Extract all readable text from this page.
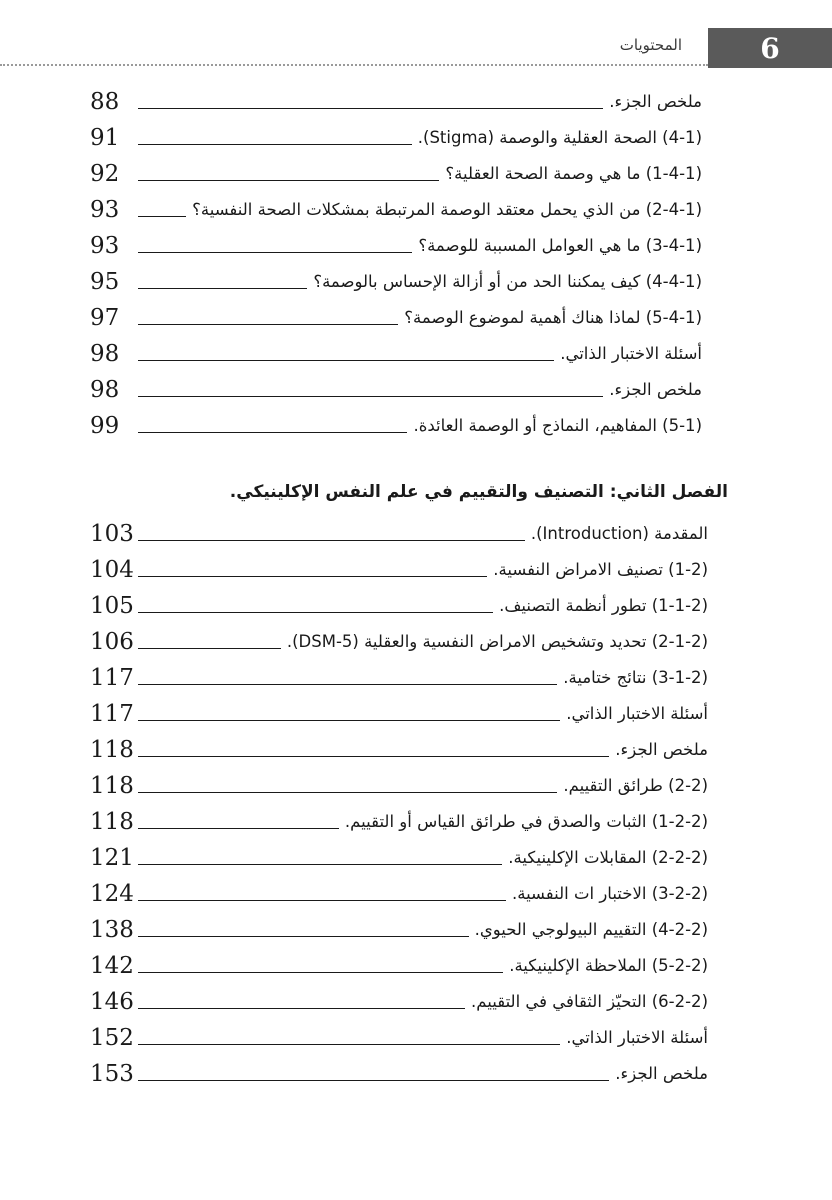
6
المحتويات
الفصل الثاني: التصنيف والتقييم في علم النفس الإكلينيكي.
88	ملخص الجزء.
91	(4-1) الصحة العقلية والوصمة (Stigma).
92	(1-4-1) ما هي وصمة الصحة العقلية؟
93	(2-4-1) من الذي يحمل معتقد الوصمة المرتبطة بمشكلات الصحة النفسية؟
93	(3-4-1) ما هي العوامل المسببة للوصمة؟
95	(4-4-1) كيف يمكننا الحد من أو أزالة الإحساس بالوصمة؟
97	(5-4-1) لماذا هناك أهمية لموضوع الوصمة؟
98	أسئلة الاختبار الذاتي.
98	ملخص الجزء.
99	(5-1) المفاهيم، النماذج أو الوصمة العائدة.
103	المقدمة (Introduction).
104	(1-2) تصنيف الامراض النفسية.
105	(1-1-2) تطور أنظمة التصنيف.
106	(2-1-2) تحديد وتشخيص الامراض النفسية والعقلية (DSM-5).
117	(3-1-2) نتائج ختامية.
117	أسئلة الاختبار الذاتي.
118	ملخص الجزء.
118	(2-2) طرائق التقييم.
118	(1-2-2) الثبات والصدق في طرائق القياس أو التقييم.
121	(2-2-2) المقابلات الإكلينيكية.
124	(3-2-2) الاختبار ات النفسية.
138	(4-2-2) التقييم البيولوجي الحيوي.
142	(5-2-2) الملاحظة الإكلينيكية.
146	(6-2-2) التحيّز الثقافي في التقييم.
152	أسئلة الاختبار الذاتي.
153	ملخص الجزء.
